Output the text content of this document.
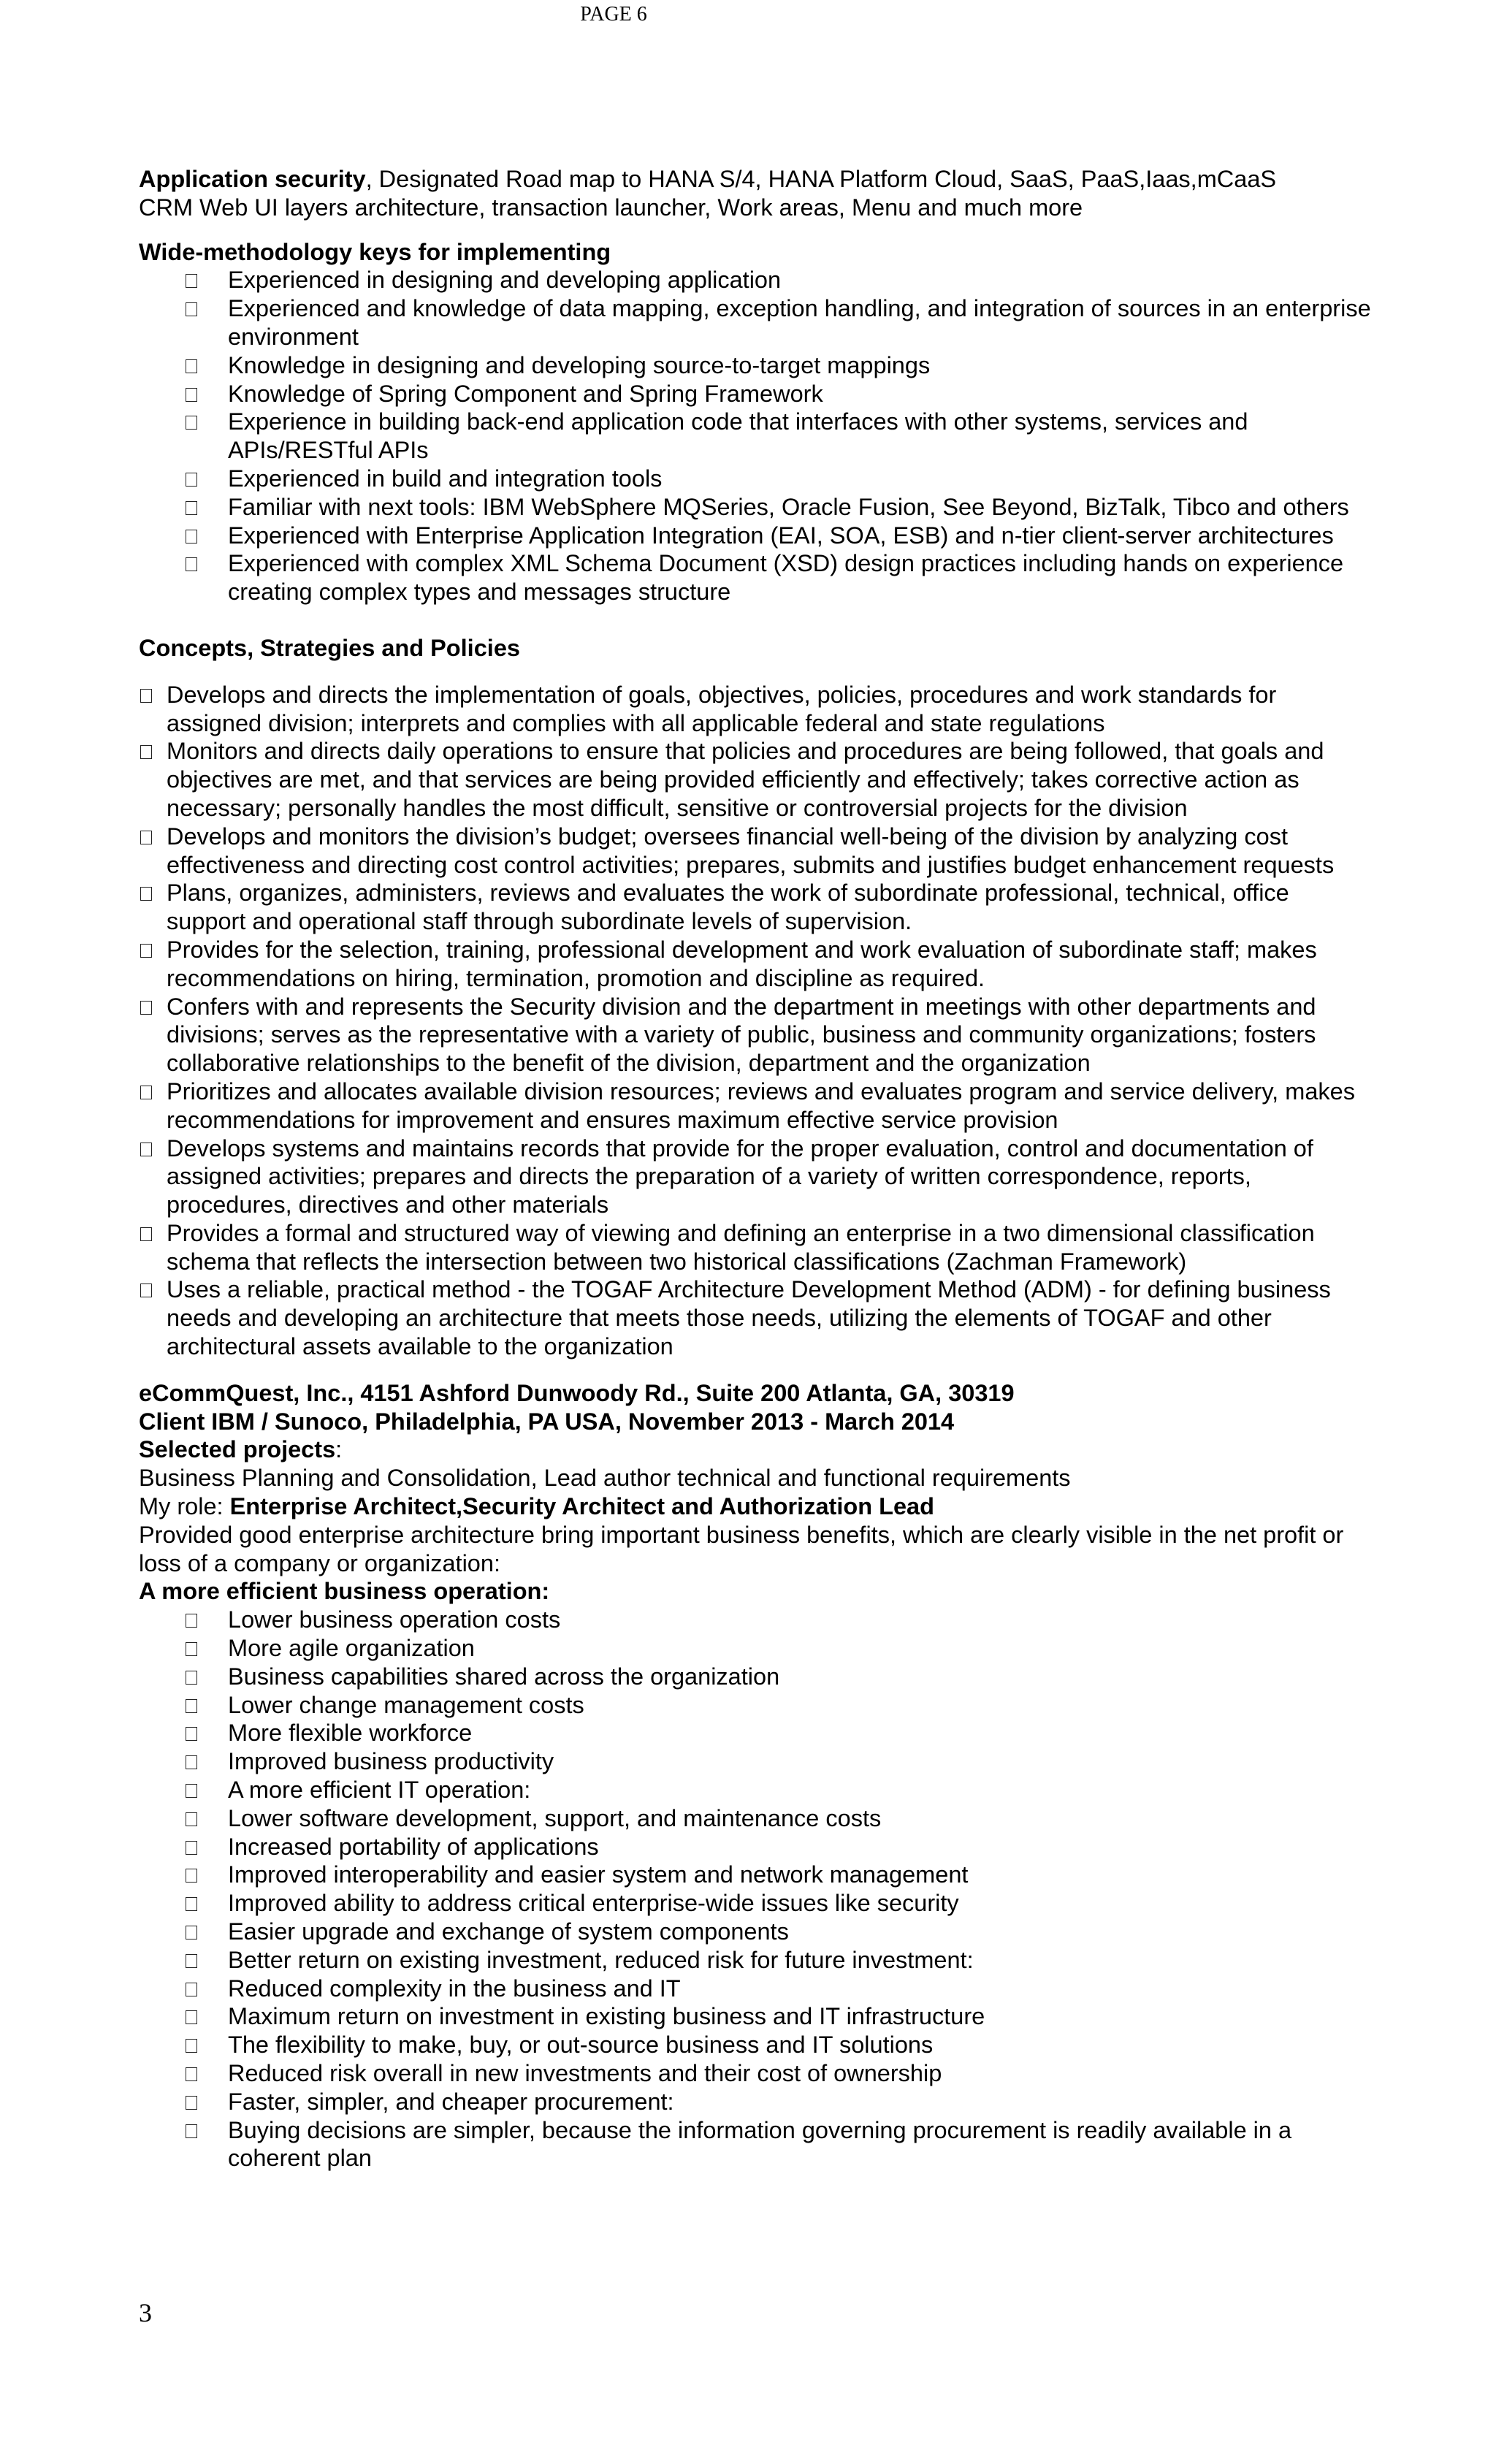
PAGE 6

Application security, Designated Road map to HANA S/4, HANA Platform Cloud, SaaS, PaaS,Iaas,mCaaS

CRM Web UI layers architecture, transaction launcher, Work areas, Menu and much more

Wide-methodology keys for implementing

Experienced in designing and developing application
Experienced and knowledge of data mapping, exception handling, and integration of sources in an enterprise environment
Knowledge in designing and developing source-to-target mappings
Knowledge of Spring Component and Spring Framework
Experience in building back-end application code that interfaces with other systems, services and APIs/RESTful APIs
Experienced in build and integration tools
Familiar with next tools: IBM WebSphere MQSeries, Oracle Fusion, See Beyond, BizTalk, Tibco and others
Experienced with Enterprise Application Integration (EAI, SOA, ESB) and n-tier client-server architectures
Experienced with complex XML Schema Document (XSD) design practices including hands on experience creating complex types and messages structure

Concepts, Strategies and Policies

Develops and directs the implementation of goals, objectives, policies, procedures and work standards for assigned division; interprets and complies with all applicable federal and state regulations
Monitors and directs daily operations to ensure that policies and procedures are being followed, that goals and objectives are met, and that services are being provided efficiently and effectively; takes corrective action as necessary; personally handles the most difficult, sensitive or controversial projects for the division
Develops and monitors the division’s budget; oversees financial well-being of the division by analyzing cost effectiveness and directing cost control activities; prepares, submits and justifies budget enhancement requests
Plans, organizes, administers, reviews and evaluates the work of subordinate professional, technical, office support and operational staff through subordinate levels of supervision.
Provides for the selection, training, professional development and work evaluation of subordinate staff; makes recommendations on hiring, termination, promotion and discipline as required.
Confers with and represents the Security division and the department in meetings with other departments and divisions; serves as the representative with a variety of public, business and community organizations; fosters collaborative relationships to the benefit of the division, department and the organization
Prioritizes and allocates available division resources; reviews and evaluates program and service delivery, makes recommendations for improvement and ensures maximum effective service provision
Develops systems and maintains records that provide for the proper evaluation, control and documentation of assigned activities; prepares and directs the preparation of a variety of written correspondence, reports, procedures, directives and other materials
Provides a formal and structured way of viewing and defining an enterprise in a two dimensional classification schema that reflects the intersection between two historical classifications (Zachman Framework)
Uses a reliable, practical method - the TOGAF Architecture Development Method (ADM) - for defining business needs and developing an architecture that meets those needs, utilizing the elements of TOGAF and other architectural assets available to the organization

eCommQuest, Inc., 4151 Ashford Dunwoody Rd., Suite 200 Atlanta, GA, 30319

Client IBM / Sunoco, Philadelphia, PA USA, November 2013 - March 2014

Selected projects:

Business Planning and Consolidation, Lead author technical and functional requirements

My role: Enterprise Architect,Security Architect and Authorization Lead

Provided good enterprise architecture bring important business benefits, which are clearly visible in the net profit or loss of a company or organization:

A more efficient business operation:

Lower business operation costs
More agile organization
Business capabilities shared across the organization
Lower change management costs
More flexible workforce
Improved business productivity
A more efficient IT operation:
Lower software development, support, and maintenance costs
Increased portability of applications
Improved interoperability and easier system and network management
Improved ability to address critical enterprise-wide issues like security
Easier upgrade and exchange of system components
Better return on existing investment, reduced risk for future investment:
Reduced complexity in the business and IT
Maximum return on investment in existing business and IT infrastructure
The flexibility to make, buy, or out-source business and IT solutions
Reduced risk overall in new investments and their cost of ownership
Faster, simpler, and cheaper procurement:
Buying decisions are simpler, because the information governing procurement is readily available in a coherent plan
3
